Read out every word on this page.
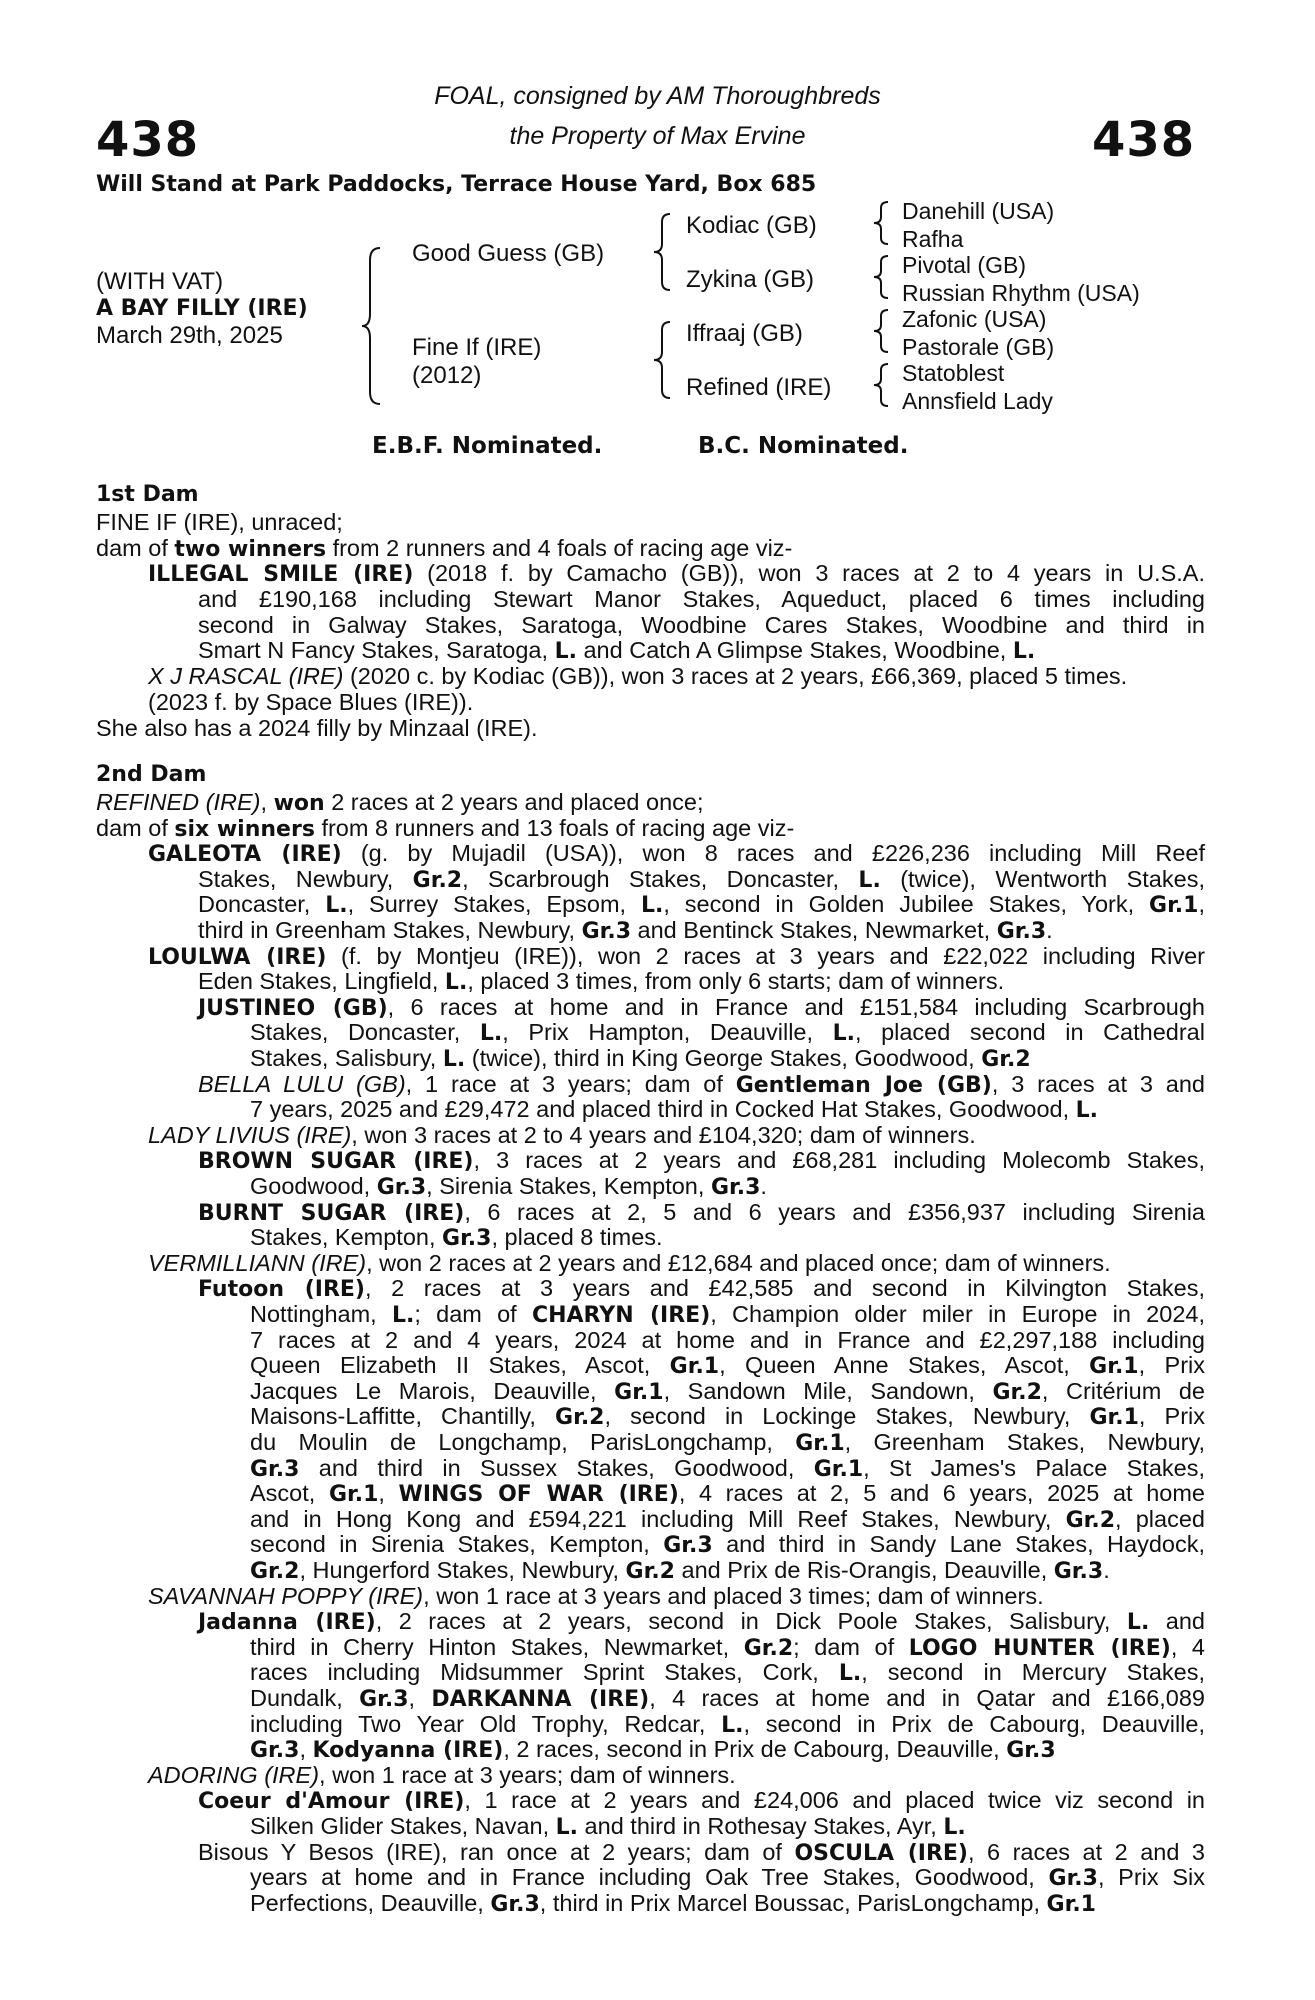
438	438
FOAL, consigned by AM Thoroughbreds
the Property of Max Ervine
Will Stand at Park Paddocks, Terrace House Yard, Box 685
(WITH VAT)
A BAY FILLY (IRE)
March 29th, 2025
Good Guess (GB)
Fine If (IRE)
(2012)
Kodiac (GB)
Zykina (GB)
Iffraaj (GB)
Refined (IRE)
Danehill (USA)
Rafha
Pivotal (GB)
Russian Rhythm (USA)
Zafonic (USA)
Pastorale (GB)
Statoblest
Annsfield Lady
E.B.F. Nominated.	B.C. Nominated.
1st Dam
FINE IF (IRE), unraced;
dam of two winners from 2 runners and 4 foals of racing age viz-
ILLEGAL SMILE (IRE) (2018 f. by Camacho (GB)), won 3 races at 2 to 4 years in U.S.A.
and £190,168 including Stewart Manor Stakes, Aqueduct, placed 6 times including
second in Galway Stakes, Saratoga, Woodbine Cares Stakes, Woodbine and third in
Smart N Fancy Stakes, Saratoga, L. and Catch A Glimpse Stakes, Woodbine, L.
X J RASCAL (IRE) (2020 c. by Kodiac (GB)), won 3 races at 2 years, £66,369, placed 5 times.
(2023 f. by Space Blues (IRE)).
She also has a 2024 filly by Minzaal (IRE).
2nd Dam
REFINED (IRE), won 2 races at 2 years and placed once;
dam of six winners from 8 runners and 13 foals of racing age viz-
GALEOTA (IRE) (g. by Mujadil (USA)), won 8 races and £226,236 including Mill Reef
Stakes, Newbury, Gr.2, Scarbrough Stakes, Doncaster, L. (twice), Wentworth Stakes,
Doncaster, L., Surrey Stakes, Epsom, L., second in Golden Jubilee Stakes, York, Gr.1,
third in Greenham Stakes, Newbury, Gr.3 and Bentinck Stakes, Newmarket, Gr.3.
LOULWA (IRE) (f. by Montjeu (IRE)), won 2 races at 3 years and £22,022 including River
Eden Stakes, Lingfield, L., placed 3 times, from only 6 starts; dam of winners.
JUSTINEO (GB), 6 races at home and in France and £151,584 including Scarbrough
Stakes, Doncaster, L., Prix Hampton, Deauville, L., placed second in Cathedral
Stakes, Salisbury, L. (twice), third in King George Stakes, Goodwood, Gr.2
BELLA LULU (GB), 1 race at 3 years; dam of Gentleman Joe (GB), 3 races at 3 and
7 years, 2025 and £29,472 and placed third in Cocked Hat Stakes, Goodwood, L.
LADY LIVIUS (IRE), won 3 races at 2 to 4 years and £104,320; dam of winners.
BROWN SUGAR (IRE), 3 races at 2 years and £68,281 including Molecomb Stakes,
Goodwood, Gr.3, Sirenia Stakes, Kempton, Gr.3.
BURNT SUGAR (IRE), 6 races at 2, 5 and 6 years and £356,937 including Sirenia
Stakes, Kempton, Gr.3, placed 8 times.
VERMILLIANN (IRE), won 2 races at 2 years and £12,684 and placed once; dam of winners.
Futoon (IRE), 2 races at 3 years and £42,585 and second in Kilvington Stakes,
Nottingham, L.; dam of CHARYN (IRE), Champion older miler in Europe in 2024,
7 races at 2 and 4 years, 2024 at home and in France and £2,297,188 including
Queen Elizabeth II Stakes, Ascot, Gr.1, Queen Anne Stakes, Ascot, Gr.1, Prix
Jacques Le Marois, Deauville, Gr.1, Sandown Mile, Sandown, Gr.2, Critérium de
Maisons-Laffitte, Chantilly, Gr.2, second in Lockinge Stakes, Newbury, Gr.1, Prix
du Moulin de Longchamp, ParisLongchamp, Gr.1, Greenham Stakes, Newbury,
Gr.3 and third in Sussex Stakes, Goodwood, Gr.1, St James's Palace Stakes,
Ascot, Gr.1, WINGS OF WAR (IRE), 4 races at 2, 5 and 6 years, 2025 at home
and in Hong Kong and £594,221 including Mill Reef Stakes, Newbury, Gr.2, placed
second in Sirenia Stakes, Kempton, Gr.3 and third in Sandy Lane Stakes, Haydock,
Gr.2, Hungerford Stakes, Newbury, Gr.2 and Prix de Ris-Orangis, Deauville, Gr.3.
SAVANNAH POPPY (IRE), won 1 race at 3 years and placed 3 times; dam of winners.
Jadanna (IRE), 2 races at 2 years, second in Dick Poole Stakes, Salisbury, L. and
third in Cherry Hinton Stakes, Newmarket, Gr.2; dam of LOGO HUNTER (IRE), 4
races including Midsummer Sprint Stakes, Cork, L., second in Mercury Stakes,
Dundalk, Gr.3, DARKANNA (IRE), 4 races at home and in Qatar and £166,089
including Two Year Old Trophy, Redcar, L., second in Prix de Cabourg, Deauville,
Gr.3, Kodyanna (IRE), 2 races, second in Prix de Cabourg, Deauville, Gr.3
ADORING (IRE), won 1 race at 3 years; dam of winners.
Coeur d'Amour (IRE), 1 race at 2 years and £24,006 and placed twice viz second in
Silken Glider Stakes, Navan, L. and third in Rothesay Stakes, Ayr, L.
Bisous Y Besos (IRE), ran once at 2 years; dam of OSCULA (IRE), 6 races at 2 and 3
years at home and in France including Oak Tree Stakes, Goodwood, Gr.3, Prix Six
Perfections, Deauville, Gr.3, third in Prix Marcel Boussac, ParisLongchamp, Gr.1
